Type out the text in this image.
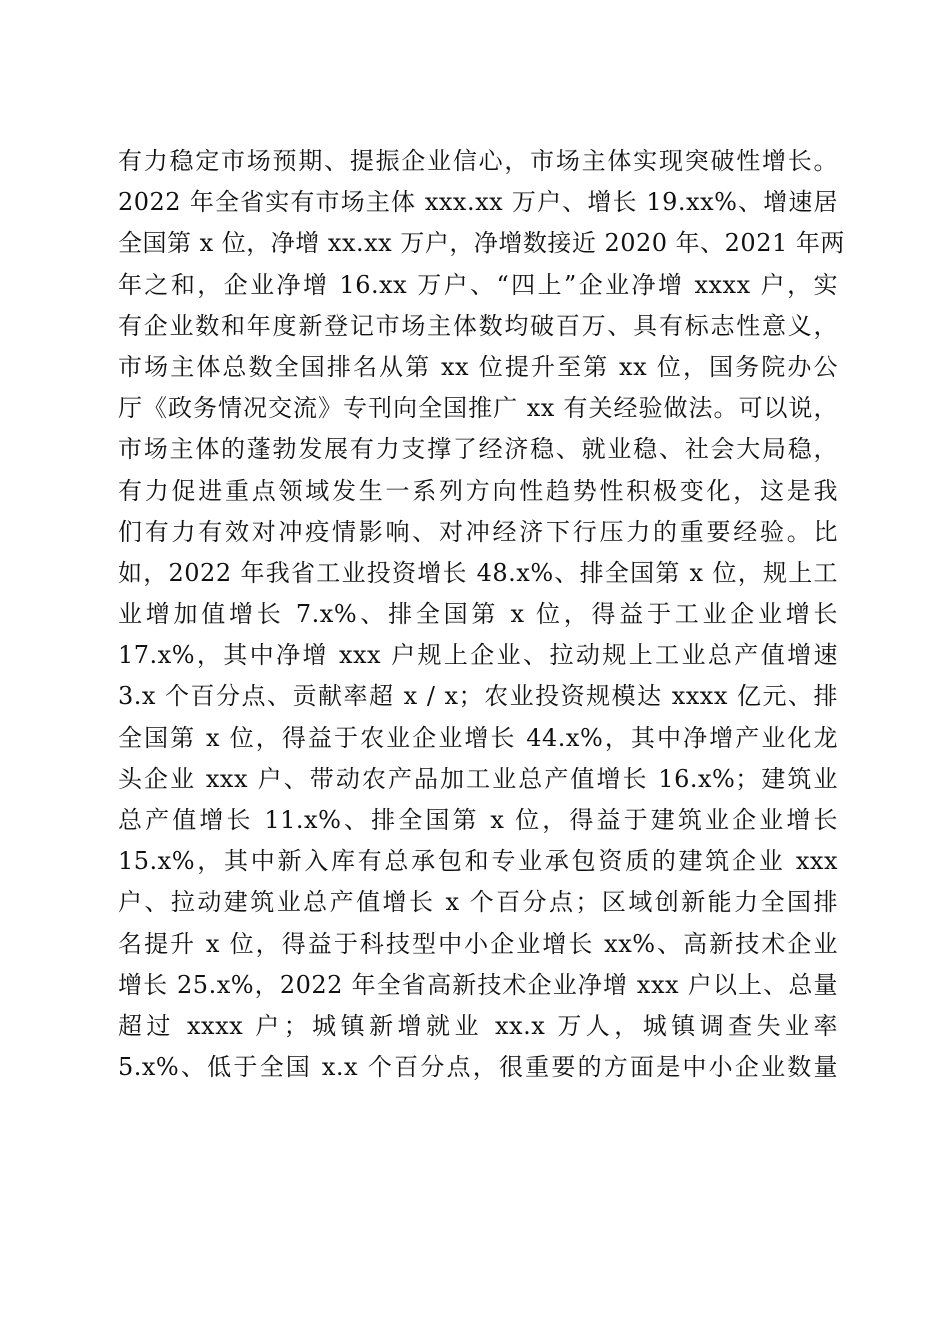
有力稳定市场预期、提振企业信心，市场主体实现突破性增长。
2022 年全省实有市场主体 xxx.xx 万户、增长 19.xx%、增速居
全国第 x 位，净增 xx.xx 万户，净增数接近 2020 年、2021 年两
年之和，企业净增 16.xx 万户、“四上”企业净增 xxxx 户，实
有企业数和年度新登记市场主体数均破百万、具有标志性意义，
市场主体总数全国排名从第 xx 位提升至第 xx 位，国务院办公
厅《政务情况交流》专刊向全国推广 xx 有关经验做法。可以说，
市场主体的蓬勃发展有力支撑了经济稳、就业稳、社会大局稳，
有力促进重点领域发生一系列方向性趋势性积极变化，这是我
们有力有效对冲疫情影响、对冲经济下行压力的重要经验。比
如，2022 年我省工业投资增长 48.x%、排全国第 x 位，规上工
业增加值增长 7.x%、排全国第 x 位，得益于工业企业增长
17.x%，其中净增 xxx 户规上企业、拉动规上工业总产值增速
3.x 个百分点、贡献率超 x / x；农业投资规模达 xxxx 亿元、排
全国第 x 位，得益于农业企业增长 44.x%，其中净增产业化龙
头企业 xxx 户、带动农产品加工业总产值增长 16.x%；建筑业
总产值增长 11.x%、排全国第 x 位，得益于建筑业企业增长
15.x%，其中新入库有总承包和专业承包资质的建筑企业 xxx
户、拉动建筑业总产值增长 x 个百分点；区域创新能力全国排
名提升 x 位，得益于科技型中小企业增长 xx%、高新技术企业
增长 25.x%，2022 年全省高新技术企业净增 xxx 户以上、总量
超过 xxxx 户；城镇新增就业 xx.x 万人，城镇调查失业率
5.x%、低于全国 x.x 个百分点，很重要的方面是中小企业数量
